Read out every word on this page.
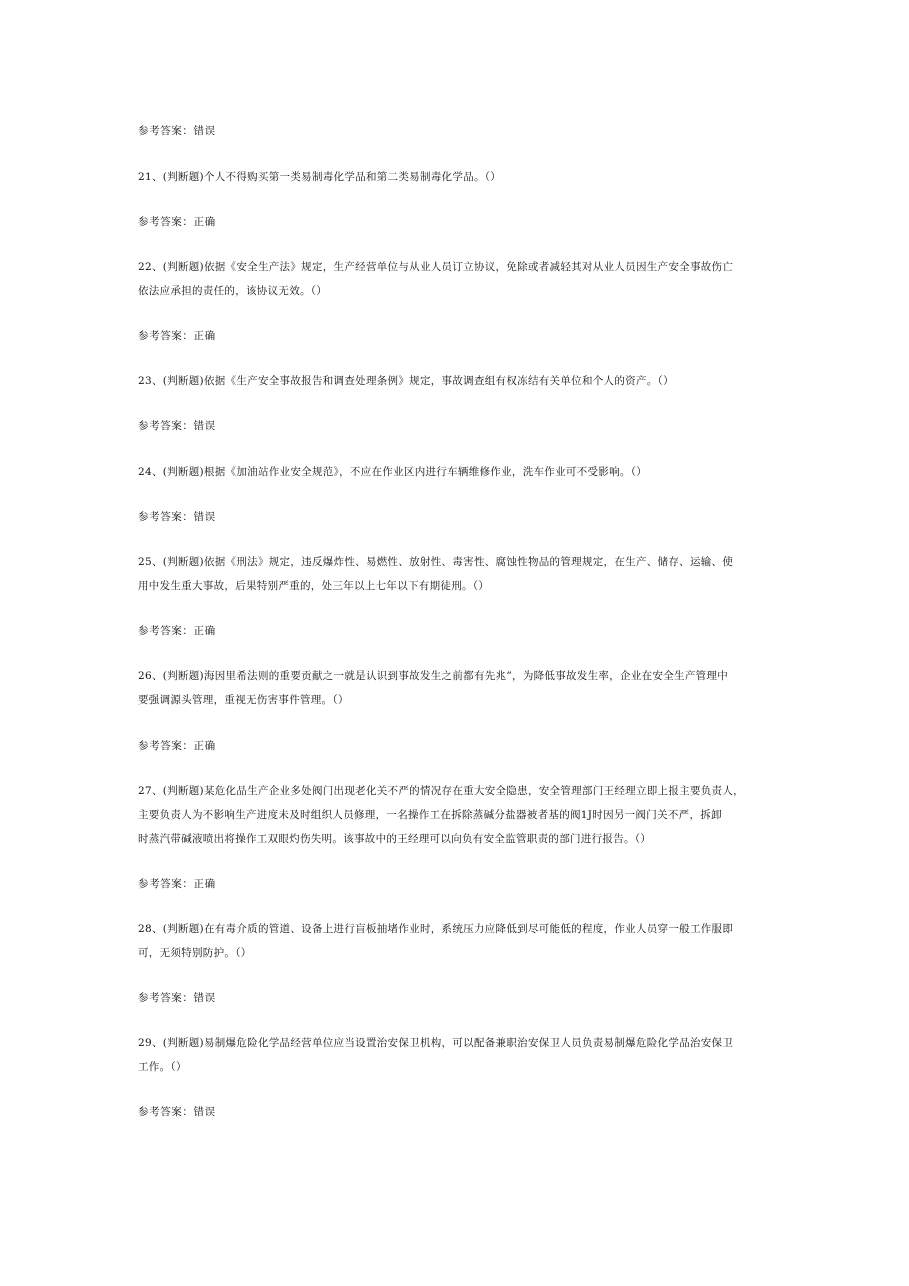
参考答案：错误
21、(判断题)个人不得购买第一类易制毒化学品和第二类易制毒化学品。（）
参考答案：正确
22、(判断题)依据《安全生产法》规定，生产经营单位与从业人员订立协议，免除或者减轻其对从业人员因生产安全事故伤亡
依法应承担的责任的，该协议无效。（）
参考答案：正确
23、(判断题)依据《生产安全事故报告和调查处理条例》规定，事故调查组有权冻结有关单位和个人的资产。（）
参考答案：错误
24、(判断题)根据《加油站作业安全规范》，不应在作业区内进行车辆维修作业，洗车作业可不受影响。（）
参考答案：错误
25、(判断题)依据《刑法》规定，违反爆炸性、易燃性、放射性、毒害性、腐蚀性物品的管理规定，在生产、储存、运输、使
用中发生重大事故，后果特别严重的，处三年以上七年以下有期徒刑。（）
参考答案：正确
26、(判断题)海因里希法则的重要贡献之一就是认识到事故发生之前都有先兆”，为降低事故发生率，企业在安全生产管理中
要强调源头管理，重视无伤害事件管理。（）
参考答案：正确
27、(判断题)某危化品生产企业多处阀门出现老化关不严的情况存在重大安全隐患，安全管理部门王经理立即上报主要负责人，
主要负责人为不影响生产进度未及时组织人员修理，一名操作工在拆除蒸碱分盐器被者基的阀1J时因另一阀门关不严，拆卸
时蒸汽带碱液喷出将操作工双眼灼伤失明。该事故中的王经理可以向负有安全监管职责的部门进行报告。（）
参考答案：正确
28、(判断题)在有毒介质的管道、设备上进行盲板抽堵作业时，系统压力应降低到尽可能低的程度，作业人员穿一般工作服即
可，无须特别防护。（）
参考答案：错误
29、(判断题)易制爆危险化学品经营单位应当设置治安保卫机构，可以配备兼职治安保卫人员负责易制爆危险化学品治安保卫
工作。（）
参考答案：错误
